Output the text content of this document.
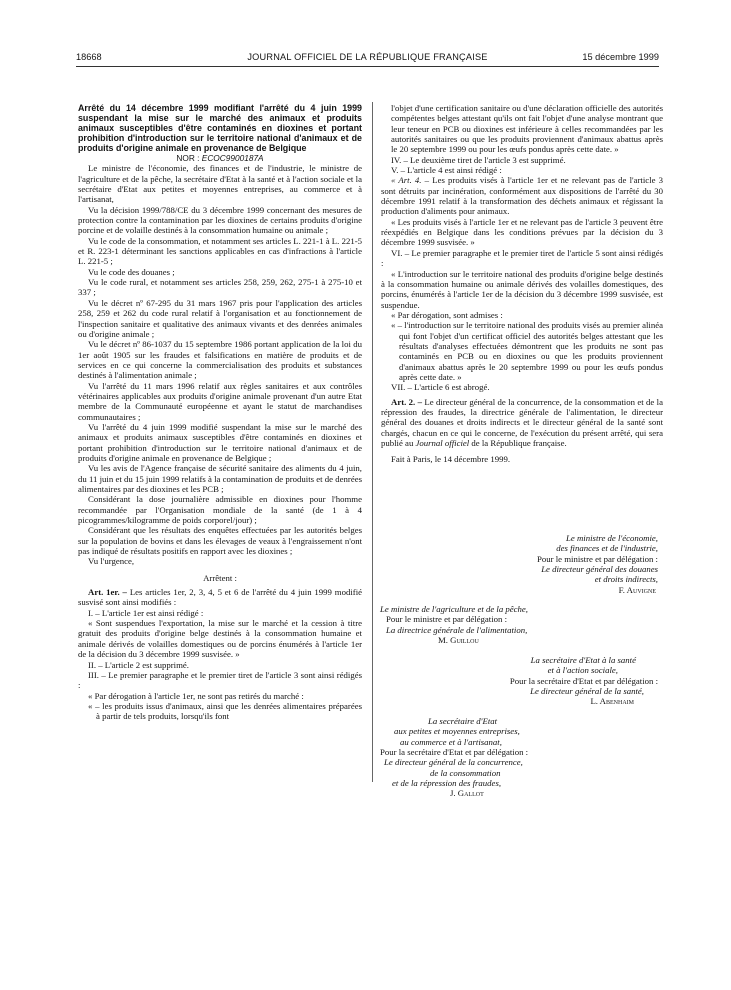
18668	JOURNAL OFFICIEL DE LA RÉPUBLIQUE FRANÇAISE	15 décembre 1999

Arrêté du 14 décembre 1999 modifiant l'arrêté du 4 juin 1999 suspendant la mise sur le marché des animaux et produits animaux susceptibles d'être contaminés en dioxines et portant prohibition d'introduction sur le territoire national d'animaux et de produits d'origine animale en provenance de Belgique

NOR : ECOC9900187A

Le ministre de l'économie, des finances et de l'industrie, le ministre de l'agriculture et de la pêche, la secrétaire d'Etat à la santé et à l'action sociale et la secrétaire d'Etat aux petites et moyennes entreprises, au commerce et à l'artisanat,

Vu la décision 1999/788/CE du 3 décembre 1999 concernant des mesures de protection contre la contamination par les dioxines de certains produits d'origine porcine et de volaille destinés à la consommation humaine ou animale ;

Vu le code de la consommation, et notamment ses articles L. 221-1 à L. 221-5 et R. 223-1 déterminant les sanctions applicables en cas d'infractions à l'article L. 221-5 ;

Vu le code des douanes ;

Vu le code rural, et notamment ses articles 258, 259, 262, 275-1 à 275-10 et 337 ;

Vu le décret nº 67-295 du 31 mars 1967 pris pour l'application des articles 258, 259 et 262 du code rural relatif à l'organisation et au fonctionnement de l'inspection sanitaire et qualitative des animaux vivants et des denrées animales ou d'origine animale ;

Vu le décret nº 86-1037 du 15 septembre 1986 portant application de la loi du 1er août 1905 sur les fraudes et falsifications en matière de produits et de services en ce qui concerne la commercialisation des produits et substances destinés à l'alimentation animale ;

Vu l'arrêté du 11 mars 1996 relatif aux règles sanitaires et aux contrôles vétérinaires applicables aux produits d'origine animale provenant d'un autre Etat membre de la Communauté européenne et ayant le statut de marchandises communautaires ;

Vu l'arrêté du 4 juin 1999 modifié suspendant la mise sur le marché des animaux et produits animaux susceptibles d'être contaminés en dioxines et portant prohibition d'introduction sur le territoire national d'animaux et de produits d'origine animale en provenance de Belgique ;

Vu les avis de l'Agence française de sécurité sanitaire des aliments du 4 juin, du 11 juin et du 15 juin 1999 relatifs à la contamination de produits et de denrées alimentaires par des dioxines et les PCB ;

Considérant la dose journalière admissible en dioxines pour l'homme recommandée par l'Organisation mondiale de la santé (de 1 à 4 picogrammes/kilogramme de poids corporel/jour) ;

Considérant que les résultats des enquêtes effectuées par les autorités belges sur la population de bovins et dans les élevages de veaux à l'engraissement n'ont pas indiqué de résultats positifs en rapport avec les dioxines ;

Vu l'urgence,

Arrêtent :

Art. 1er. – Les articles 1er, 2, 3, 4, 5 et 6 de l'arrêté du 4 juin 1999 modifié susvisé sont ainsi modifiés :

I. – L'article 1er est ainsi rédigé :

« Sont suspendues l'exportation, la mise sur le marché et la cession à titre gratuit des produits d'origine belge destinés à la consommation humaine et animale dérivés de volailles domestiques ou de porcins énumérés à l'article 1er de la décision du 3 décembre 1999 susvisée. »

II. – L'article 2 est supprimé.

III. – Le premier paragraphe et le premier tiret de l'article 3 sont ainsi rédigés :

« Par dérogation à l'article 1er, ne sont pas retirés du marché :

« – les produits issus d'animaux, ainsi que les denrées alimentaires préparées à partir de tels produits, lorsqu'ils font

l'objet d'une certification sanitaire ou d'une déclaration officielle des autorités compétentes belges attestant qu'ils ont fait l'objet d'une analyse montrant que leur teneur en PCB ou dioxines est inférieure à celles recommandées par les autorités sanitaires ou que les produits proviennent d'animaux abattus après le 20 septembre 1999 ou pour les œufs pondus après cette date. »

IV. – Le deuxième tiret de l'article 3 est supprimé.

V. – L'article 4 est ainsi rédigé :

« Art. 4. – Les produits visés à l'article 1er et ne relevant pas de l'article 3 sont détruits par incinération, conformément aux dispositions de l'arrêté du 30 décembre 1991 relatif à la transformation des déchets animaux et régissant la production d'aliments pour animaux.

« Les produits visés à l'article 1er et ne relevant pas de l'article 3 peuvent être réexpédiés en Belgique dans les conditions prévues par la décision du 3 décembre 1999 susvisée. »

VI. – Le premier paragraphe et le premier tiret de l'article 5 sont ainsi rédigés :

« L'introduction sur le territoire national des produits d'origine belge destinés à la consommation humaine ou animale dérivés des volailles domestiques, des porcins, énumérés à l'article 1er de la décision du 3 décembre 1999 susvisée, est suspendue.

« Par dérogation, sont admises :

« – l'introduction sur le territoire national des produits visés au premier alinéa qui font l'objet d'un certificat officiel des autorités belges attestant que les résultats d'analyses effectuées démontrent que les produits ne sont pas contaminés en PCB ou en dioxines ou que les produits proviennent d'animaux abattus après le 20 septembre 1999 ou pour les œufs pondus après cette date. »

VII. – L'article 6 est abrogé.

Art. 2. – Le directeur général de la concurrence, de la consommation et de la répression des fraudes, la directrice générale de l'alimentation, le directeur général des douanes et droits indirects et le directeur général de la santé sont chargés, chacun en ce qui le concerne, de l'exécution du présent arrêté, qui sera publié au Journal officiel de la République française.

Fait à Paris, le 14 décembre 1999.

Le ministre de l'économie,

des finances et de l'industrie,

Pour le ministre et par délégation :

Le directeur général des douanes

et droits indirects,

F. Auvigne

Le ministre de l'agriculture et de la pêche,

Pour le ministre et par délégation :

La directrice générale de l'alimentation,

M. Guillou

La secrétaire d'Etat à la santé

et à l'action sociale,

Pour la secrétaire d'Etat et par délégation :

Le directeur général de la santé,

L. Abenhaim

La secrétaire d'Etat

aux petites et moyennes entreprises,

au commerce et à l'artisanat,

Pour la secrétaire d'Etat et par délégation :

Le directeur général de la concurrence,

de la consommation

et de la répression des fraudes,

J. Gallot
